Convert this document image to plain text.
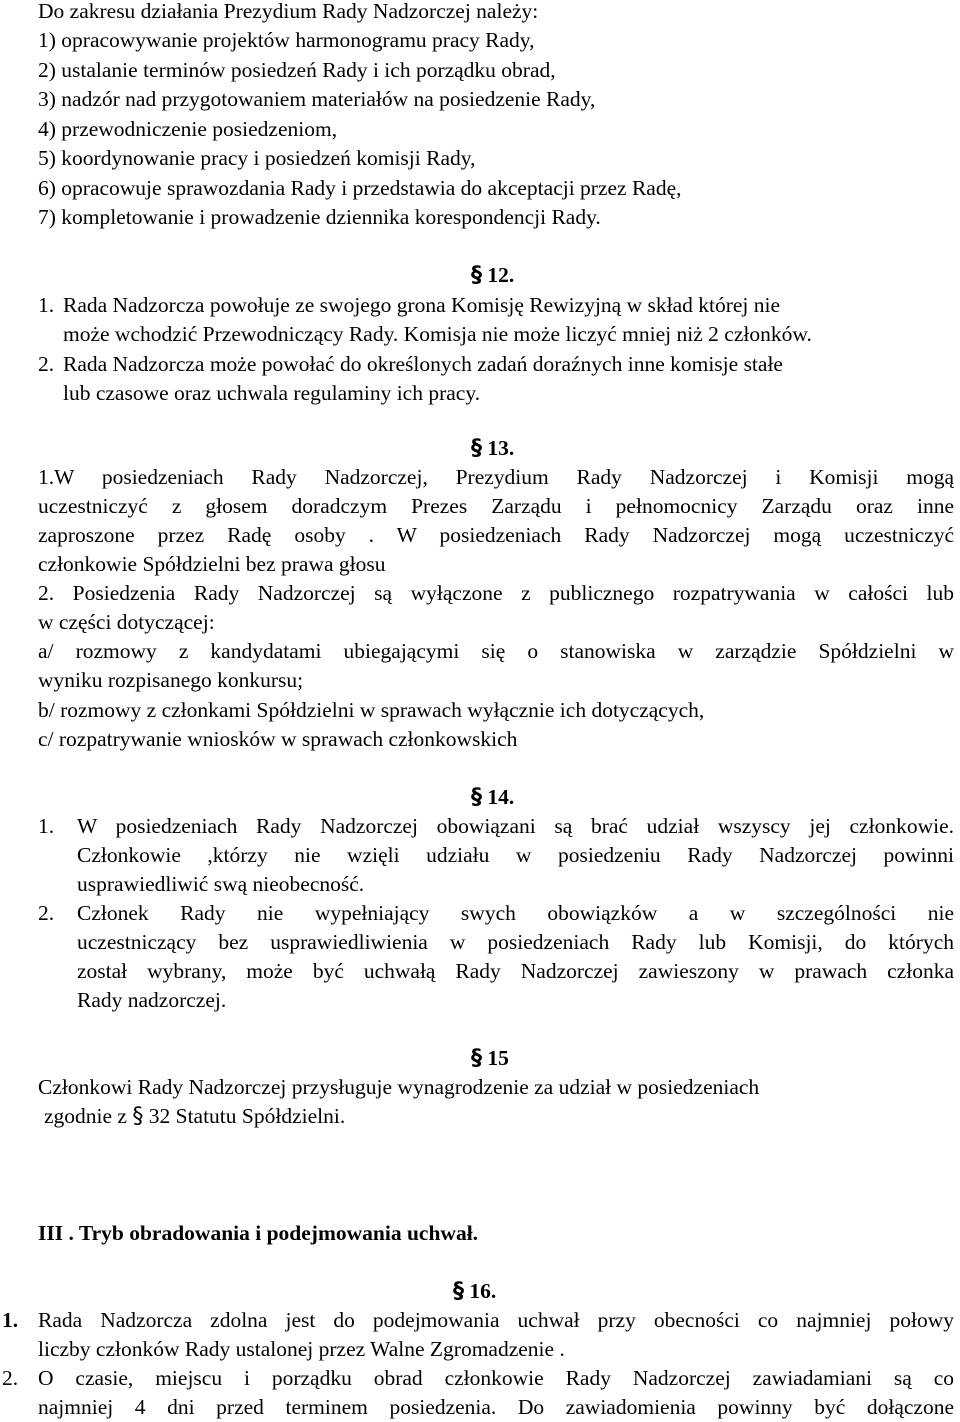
Do zakresu działania Prezydium Rady Nadzorczej należy:
1) opracowywanie projektów harmonogramu pracy Rady,
2) ustalanie terminów posiedzeń Rady i ich porządku obrad,
3) nadzór nad przygotowaniem materiałów na posiedzenie Rady,
4) przewodniczenie posiedzeniom,
5) koordynowanie pracy i posiedzeń komisji Rady,
6) opracowuje sprawozdania Rady i przedstawia do akceptacji przez Radę,
7) kompletowanie i prowadzenie dziennika korespondencji Rady.
§ 12.
1. Rada Nadzorcza powołuje ze swojego grona Komisję Rewizyjną w skład której nie
może wchodzić Przewodniczący Rady. Komisja nie może liczyć mniej niż 2 członków.
2. Rada Nadzorcza może powołać do określonych zadań doraźnych inne komisje stałe
lub czasowe oraz uchwala regulaminy ich pracy.
§ 13.
1.W posiedzeniach Rady Nadzorczej, Prezydium Rady Nadzorczej i Komisji mogą
uczestniczyć z głosem doradczym Prezes Zarządu i pełnomocnicy Zarządu oraz inne
zaproszone przez Radę osoby . W posiedzeniach Rady Nadzorczej mogą uczestniczyć
członkowie Spółdzielni bez prawa głosu
2. Posiedzenia Rady Nadzorczej są wyłączone z publicznego rozpatrywania w całości lub
w części dotyczącej:
a/ rozmowy z kandydatami ubiegającymi się o stanowiska w zarządzie Spółdzielni w
wyniku rozpisanego konkursu;
b/ rozmowy z członkami Spółdzielni w sprawach wyłącznie ich dotyczących,
c/ rozpatrywanie wniosków w sprawach członkowskich
§ 14.
1. W posiedzeniach Rady Nadzorczej obowiązani są brać udział wszyscy jej członkowie.
Członkowie ,którzy nie wzięli udziału w posiedzeniu Rady Nadzorczej powinni
usprawiedliwić swą nieobecność.
2. Członek Rady nie wypełniający swych obowiązków a w szczególności nie
uczestniczący bez usprawiedliwienia w posiedzeniach Rady lub Komisji, do których
został wybrany, może być uchwałą Rady Nadzorczej zawieszony w prawach członka
Rady nadzorczej.
§ 15
Członkowi Rady Nadzorczej przysługuje wynagrodzenie za udział w posiedzeniach
zgodnie z § 32 Statutu Spółdzielni.
III . Tryb obradowania i podejmowania uchwał.
§ 16.
1. Rada Nadzorcza zdolna jest do podejmowania uchwał przy obecności co najmniej połowy
liczby członków Rady ustalonej przez Walne Zgromadzenie .
2. O czasie, miejscu i porządku obrad członkowie Rady Nadzorczej zawiadamiani są co
najmniej 4 dni przed terminem posiedzenia. Do zawiadomienia powinny być dołączone
